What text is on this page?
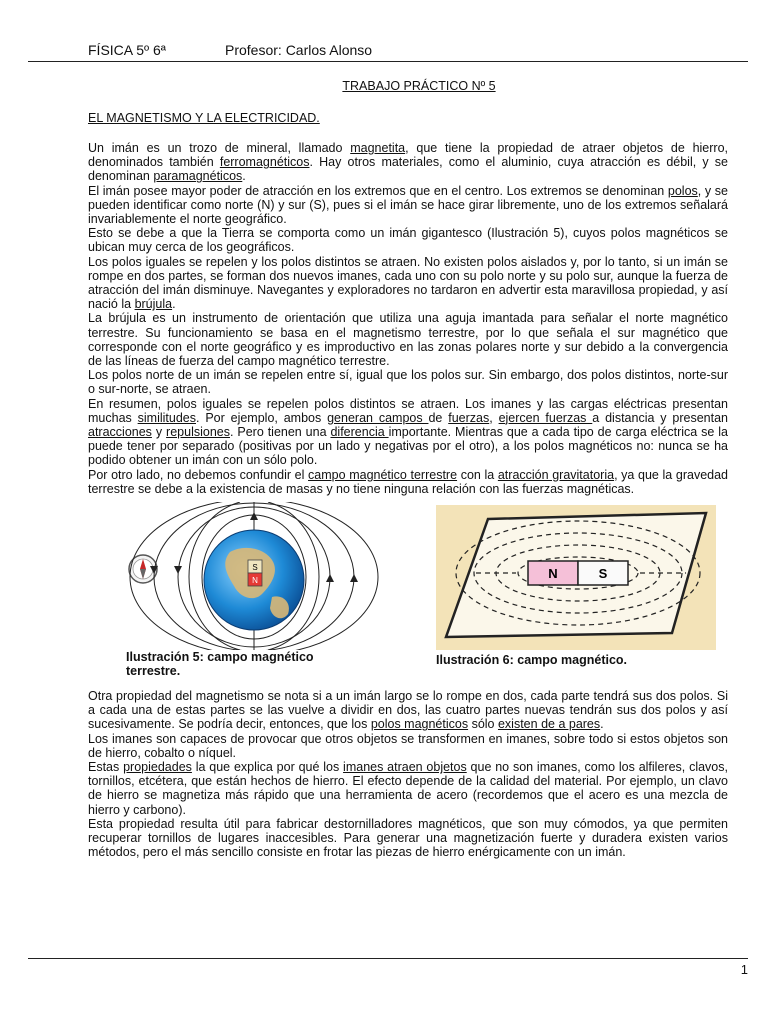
FÍSICA 5º 6ª	Profesor: Carlos Alonso
TRABAJO PRÁCTICO Nº 5
EL MAGNETISMO Y LA ELECTRICIDAD.

Un imán es un trozo de mineral, llamado magnetita, que tiene la propiedad de atraer objetos de hierro, denominados también ferromagnéticos. Hay otros materiales, como el aluminio, cuya atracción es débil, y se denominan paramagnéticos.

El imán posee mayor poder de atracción en los extremos que en el centro. Los extremos se denominan polos, y se pueden identificar como norte (N) y sur (S), pues si el imán se hace girar libremente, uno de los extremos señalará invariablemente el norte geográfico.

Esto se debe a que la Tierra se comporta como un imán gigantesco (Ilustración 5), cuyos polos magnéticos se ubican muy cerca de los geográficos.

Los polos iguales se repelen y los polos distintos se atraen. No existen polos aislados y, por lo tanto, si un imán se rompe en dos partes, se forman dos nuevos imanes, cada uno con su polo norte y su polo sur, aunque la fuerza de atracción del imán disminuye. Navegantes y exploradores no tardaron en advertir esta maravillosa propiedad, y así nació la brújula.

La brújula es un instrumento de orientación que utiliza una aguja imantada para señalar el norte magnético terrestre. Su funcionamiento se basa en el magnetismo terrestre, por lo que señala el sur magnético que corresponde con el norte geográfico y es improductivo en las zonas polares norte y sur debido a la convergencia de las líneas de fuerza del campo magnético terrestre.

Los polos norte de un imán se repelen entre sí, igual que los polos sur. Sin embargo, dos polos distintos, norte-sur o sur-norte, se atraen.

En resumen, polos iguales se repelen polos distintos se atraen. Los imanes y las cargas eléctricas presentan muchas similitudes. Por ejemplo, ambos generan campos de fuerzas, ejercen fuerzas a distancia y presentan atracciones y repulsiones. Pero tienen una diferencia importante. Mientras que a cada tipo de carga eléctrica se la puede tener por separado (positivas por un lado y negativas por el otro), a los polos magnéticos no: nunca se ha podido obtener un imán con un sólo polo.

Por otro lado, no debemos confundir el campo magnético terrestre con la atracción gravitatoria, ya que la gravedad terrestre se debe a la existencia de masas y no tiene ninguna relación con las fuerzas magnéticas.

S
N
Ilustración 5: campo magnético terrestre.
N	S
Ilustración 6: campo magnético.

Otra propiedad del magnetismo se nota si a un imán largo se lo rompe en dos, cada parte tendrá sus dos polos. Si a cada una de estas partes se las vuelve a dividir en dos, las cuatro partes nuevas tendrán sus dos polos y así sucesivamente. Se podría decir, entonces, que los polos magnéticos sólo existen de a pares.

Los imanes son capaces de provocar que otros objetos se transformen en imanes, sobre todo si estos objetos son de hierro, cobalto o níquel.

Estas propiedades la que explica por qué los imanes atraen objetos que no son imanes, como los alfileres, clavos, tornillos, etcétera, que están hechos de hierro. El efecto depende de la calidad del material. Por ejemplo, un clavo de hierro se magnetiza más rápido que una herramienta de acero (recordemos que el acero es una mezcla de hierro y carbono).

Esta propiedad resulta útil para fabricar destornilladores magnéticos, que son muy cómodos, ya que permiten recuperar tornillos de lugares inaccesibles. Para generar una magnetización fuerte y duradera existen varios métodos, pero el más sencillo consiste en frotar las piezas de hierro enérgicamente con un imán.

1
